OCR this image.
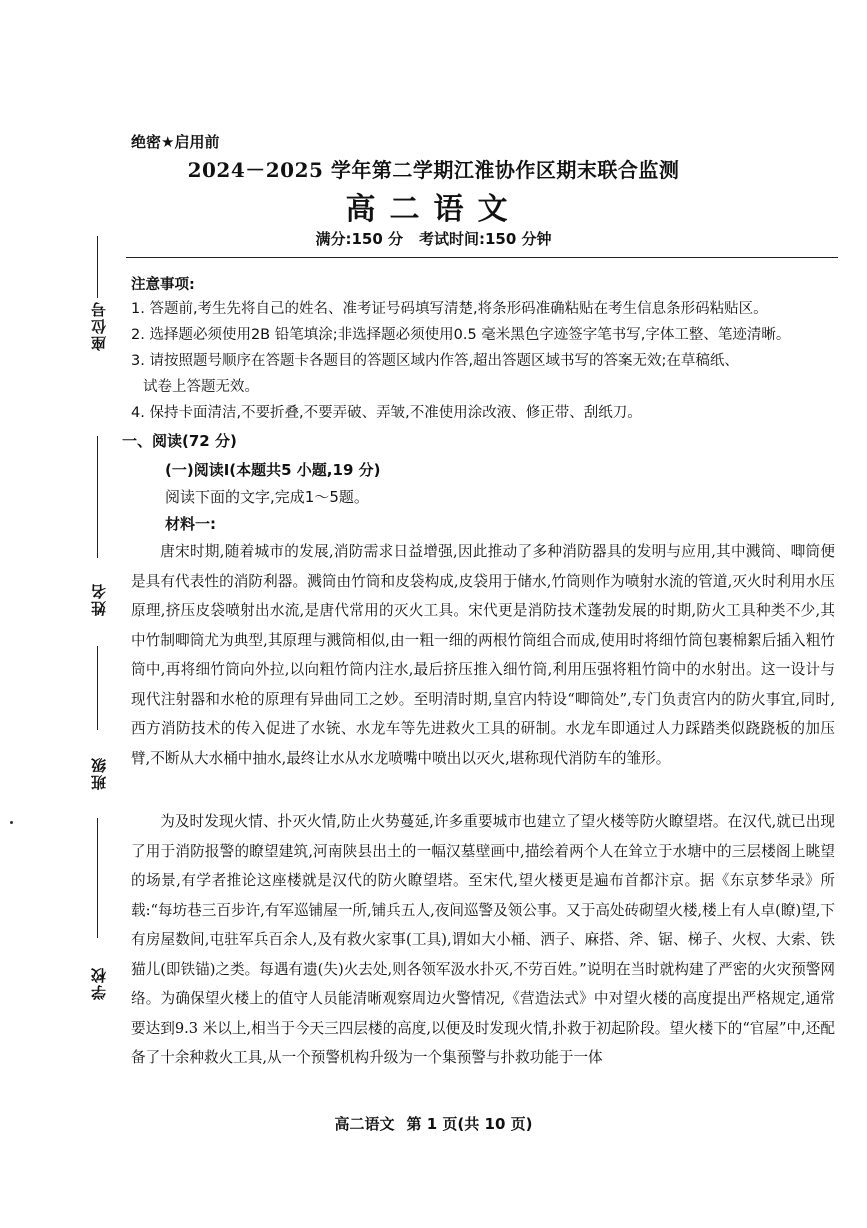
座位号
姓名
班级
学校
绝密★启用前
2024－2025 学年第二学期江淮协作区期末联合监测
高二语文
满分:150 分 考试时间:150 分钟
注意事项:
1. 答题前,考生先将自己的姓名、准考证号码填写清楚,将条形码准确粘贴在考生信息条形码粘贴区。
2. 选择题必须使用2B 铅笔填涂;非选择题必须使用0.5 毫米黑色字迹签字笔书写,字体工整、笔迹清晰。
3. 请按照题号顺序在答题卡各题目的答题区域内作答,超出答题区域书写的答案无效;在草稿纸、
试卷上答题无效。
4. 保持卡面清洁,不要折叠,不要弄破、弄皱,不准使用涂改液、修正带、刮纸刀。
一、阅读(72 分)
(一)阅读Ⅰ(本题共5 小题,19 分)
阅读下面的文字,完成1～5题。
材料一:

唐宋时期,随着城市的发展,消防需求日益增强,因此推动了多种消防器具的发明与应用,其中溅筒、唧筒便是具有代表性的消防利器。溅筒由竹筒和皮袋构成,皮袋用于储水,竹筒则作为喷射水流的管道,灭火时利用水压原理,挤压皮袋喷射出水流,是唐代常用的灭火工具。宋代更是消防技术蓬勃发展的时期,防火工具种类不少,其中竹制唧筒尤为典型,其原理与溅筒相似,由一粗一细的两根竹筒组合而成,使用时将细竹筒包裹棉絮后插入粗竹筒中,再将细竹筒向外拉,以向粗竹筒内注水,最后挤压推入细竹筒,利用压强将粗竹筒中的水射出。这一设计与现代注射器和水枪的原理有异曲同工之妙。至明清时期,皇宫内特设“唧筒处”,专门负责宫内的防火事宜,同时,西方消防技术的传入促进了水铳、水龙车等先进救火工具的研制。水龙车即通过人力踩踏类似跷跷板的加压臂,不断从大水桶中抽水,最终让水从水龙喷嘴中喷出以灭火,堪称现代消防车的雏形。

为及时发现火情、扑灭火情,防止火势蔓延,许多重要城市也建立了望火楼等防火瞭望塔。在汉代,就已出现了用于消防报警的瞭望建筑,河南陕县出土的一幅汉墓壁画中,描绘着两个人在耸立于水塘中的三层楼阁上眺望的场景,有学者推论这座楼就是汉代的防火瞭望塔。至宋代,望火楼更是遍布首都汴京。据《东京梦华录》所载:“每坊巷三百步许,有军巡铺屋一所,铺兵五人,夜间巡警及领公事。又于高处砖砌望火楼,楼上有人卓(瞭)望,下有房屋数间,屯驻军兵百余人,及有救火家事(工具),谓如大小桶、洒子、麻搭、斧、锯、梯子、火杈、大索、铁猫儿(即铁锚)之类。每遇有遗(失)火去处,则各领军汲水扑灭,不劳百姓。”说明在当时就构建了严密的火灾预警网络。为确保望火楼上的值守人员能清晰观察周边火警情况,《营造法式》中对望火楼的高度提出严格规定,通常要达到9.3 米以上,相当于今天三四层楼的高度,以便及时发现火情,扑救于初起阶段。望火楼下的“官屋”中,还配备了十余种救火工具,从一个预警机构升级为一个集预警与扑救功能于一体

高二语文 第 1 页(共 10 页)
